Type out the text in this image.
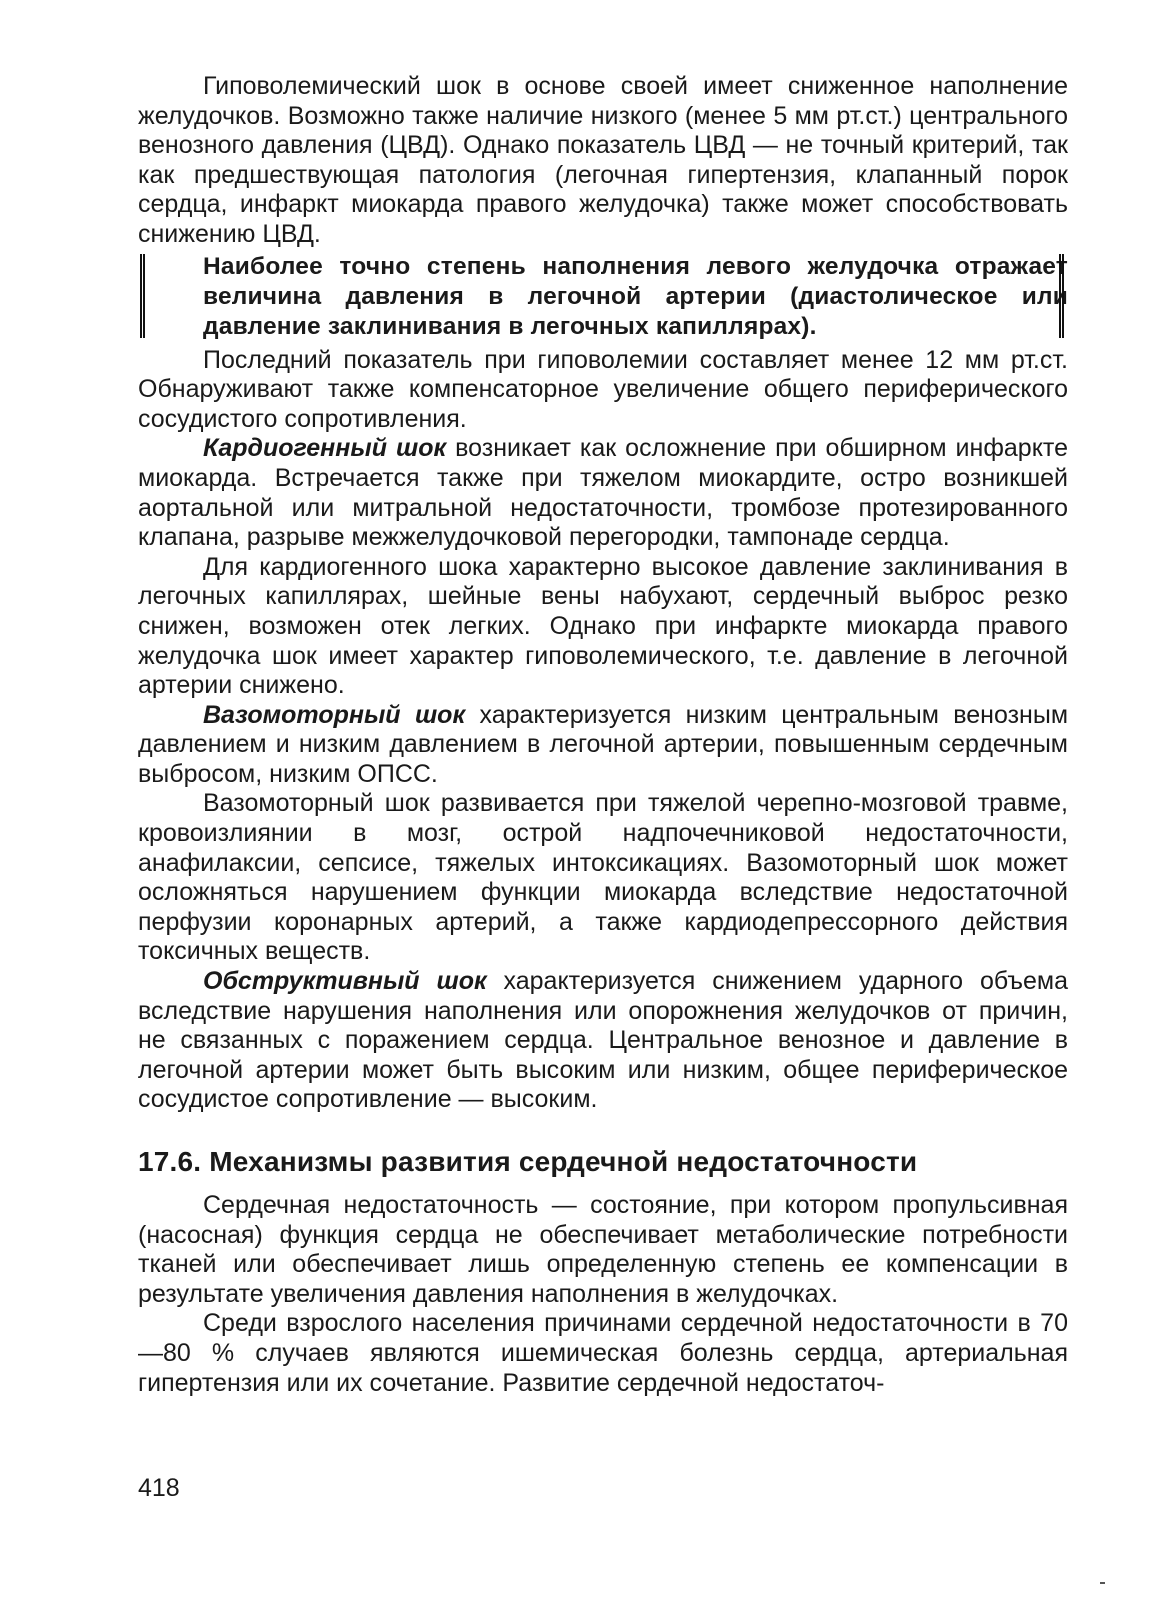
Гиповолемический шок в основе своей имеет сниженное наполнение желудочков. Возможно также наличие низкого (менее 5 мм рт.ст.) центрального венозного давления (ЦВД). Однако показатель ЦВД — не точный критерий, так как предшествующая патология (легочная гипертензия, клапанный порок сердца, инфаркт миокарда правого желудочка) также может способствовать снижению ЦВД.

Наиболее точно степень наполнения левого желудочка отражает величина давления в легочной артерии (диастолическое или давление заклинивания в легочных капиллярах).

Последний показатель при гиповолемии составляет менее 12 мм рт.ст. Обнаруживают также компенсаторное увеличение общего периферического сосудистого сопротивления.

Кардиогенный шок возникает как осложнение при обширном инфаркте миокарда. Встречается также при тяжелом миокардите, остро возникшей аортальной или митральной недостаточности, тромбозе протезированного клапана, разрыве межжелудочковой перегородки, тампонаде сердца.

Для кардиогенного шока характерно высокое давление заклинивания в легочных капиллярах, шейные вены набухают, сердечный выброс резко снижен, возможен отек легких. Однако при инфаркте миокарда правого желудочка шок имеет характер гиповолемического, т.е. давление в легочной артерии снижено.

Вазомоторный шок характеризуется низким центральным венозным давлением и низким давлением в легочной артерии, повышенным сердечным выбросом, низким ОПСС.

Вазомоторный шок развивается при тяжелой черепно-мозговой травме, кровоизлиянии в мозг, острой надпочечниковой недостаточности, анафилаксии, сепсисе, тяжелых интоксикациях. Вазомоторный шок может осложняться нарушением функции миокарда вследствие недостаточной перфузии коронарных артерий, а также кардиодепрессорного действия токсичных веществ.

Обструктивный шок характеризуется снижением ударного объема вследствие нарушения наполнения или опорожнения желудочков от причин, не связанных с поражением сердца. Центральное венозное и давление в легочной артерии может быть высоким или низким, общее периферическое сосудистое сопротивление — высоким.

17.6. Механизмы развития сердечной недостаточности

Сердечная недостаточность — состояние, при котором пропульсивная (насосная) функция сердца не обеспечивает метаболические потребности тканей или обеспечивает лишь определенную степень ее компенсации в результате увеличения давления наполнения в желудочках.

Среди взрослого населения причинами сердечной недостаточности в 70—80 % случаев являются ишемическая болезнь сердца, артериальная гипертензия или их сочетание. Развитие сердечной недостаточ-

418
